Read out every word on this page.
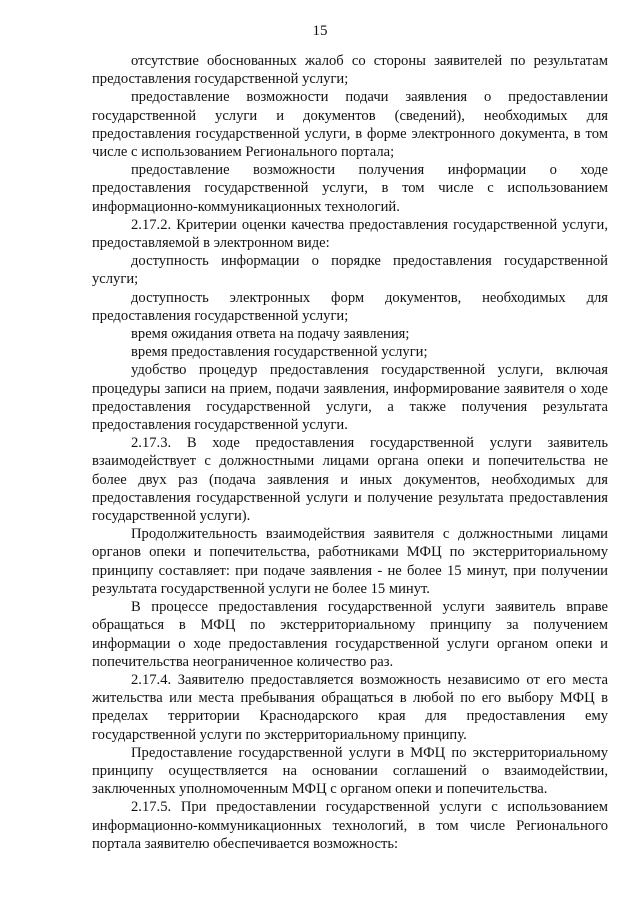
15

отсутствие обоснованных жалоб со стороны заявителей по результатам предоставления государственной услуги;

предоставление возможности подачи заявления о предоставлении государственной услуги и документов (сведений), необходимых для предоставления государственной услуги, в форме электронного документа, в том числе с использованием Регионального портала;

предоставление возможности получения информации о ходе предоставления государственной услуги, в том числе с использованием информационно-коммуникационных технологий.

2.17.2. Критерии оценки качества предоставления государственной услуги, предоставляемой в электронном виде:

доступность информации о порядке предоставления государственной услуги;

доступность электронных форм документов, необходимых для предоставления государственной услуги;

время ожидания ответа на подачу заявления;

время предоставления государственной услуги;

удобство процедур предоставления государственной услуги, включая процедуры записи на прием, подачи заявления, информирование заявителя о ходе предоставления государственной услуги, а также получения результата предоставления государственной услуги.

2.17.3. В ходе предоставления государственной услуги заявитель взаимодействует с должностными лицами органа опеки и попечительства не более двух раз (подача заявления и иных документов, необходимых для предоставления государственной услуги и получение результата предоставления государственной услуги).

Продолжительность взаимодействия заявителя с должностными лицами органов опеки и попечительства, работниками МФЦ по экстерриториальному принципу составляет: при подаче заявления - не более 15 минут, при получении результата государственной услуги не более 15 минут.

В процессе предоставления государственной услуги заявитель вправе обращаться в МФЦ по экстерриториальному принципу за получением информации о ходе предоставления государственной услуги органом опеки и попечительства неограниченное количество раз.

2.17.4. Заявителю предоставляется возможность независимо от его места жительства или места пребывания обращаться в любой по его выбору МФЦ в пределах территории Краснодарского края для предоставления ему государственной услуги по экстерриториальному принципу.

Предоставление государственной услуги в МФЦ по экстерриториальному принципу осуществляется на основании соглашений о взаимодействии, заключенных уполномоченным МФЦ с органом опеки и попечительства.

2.17.5. При предоставлении государственной услуги с использованием информационно-коммуникационных технологий, в том числе Регионального портала заявителю обеспечивается возможность:
